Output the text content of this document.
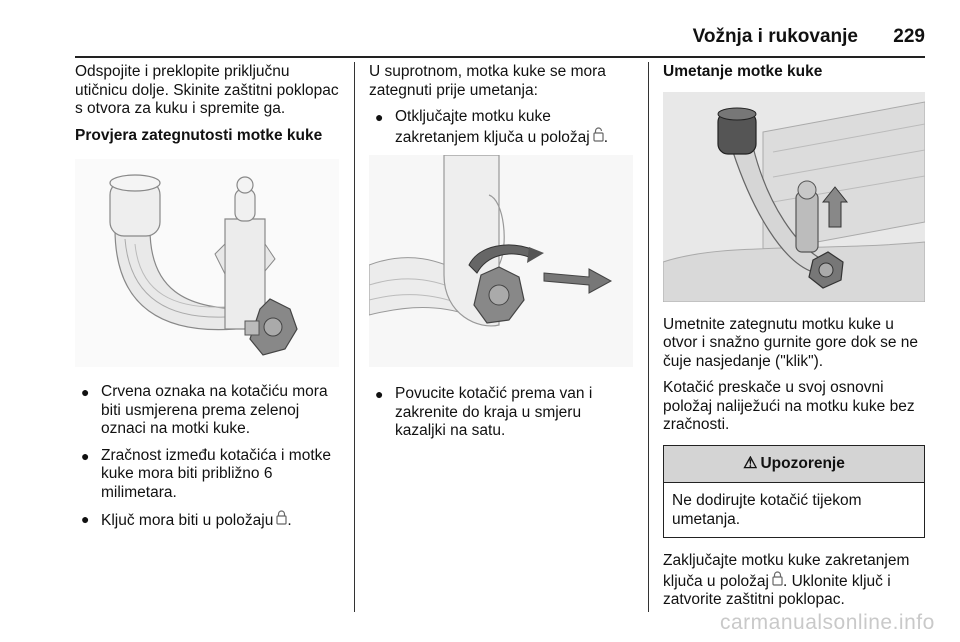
Vožnja i rukovanje	229

Odspojite i preklopite priključnu utičnicu dolje. Skinite zaštitni poklopac s otvora za kuku i spremite ga.

Provjera zategnutosti motke kuke

● Crvena oznaka na kotačiću mora biti usmjerena prema zelenoj oznaci na motki kuke.
● Zračnost između kotačića i motke kuke mora biti približno 6 milimetara.
● Ključ mora biti u položaju .

U suprotnom, motka kuke se mora zategnuti prije umetanja:

● Otključajte motku kuke zakretanjem ključa u položaj .
● Povucite kotačić prema van i zakrenite do kraja u smjeru kazaljki na satu.

Umetanje motke kuke

Umetnite zategnutu motku kuke u otvor i snažno gurnite gore dok se ne čuje nasjedanje ("klik").

Kotačić preskače u svoj osnovni položaj naliježući na motku kuke bez zračnosti.

⚠ Upozorenje

Ne dodirujte kotačić tijekom umetanja.

Zaključajte motku kuke zakretanjem ključa u položaj . Uklonite ključ i zatvorite zaštitni poklopac.

carmanualsonline.info
